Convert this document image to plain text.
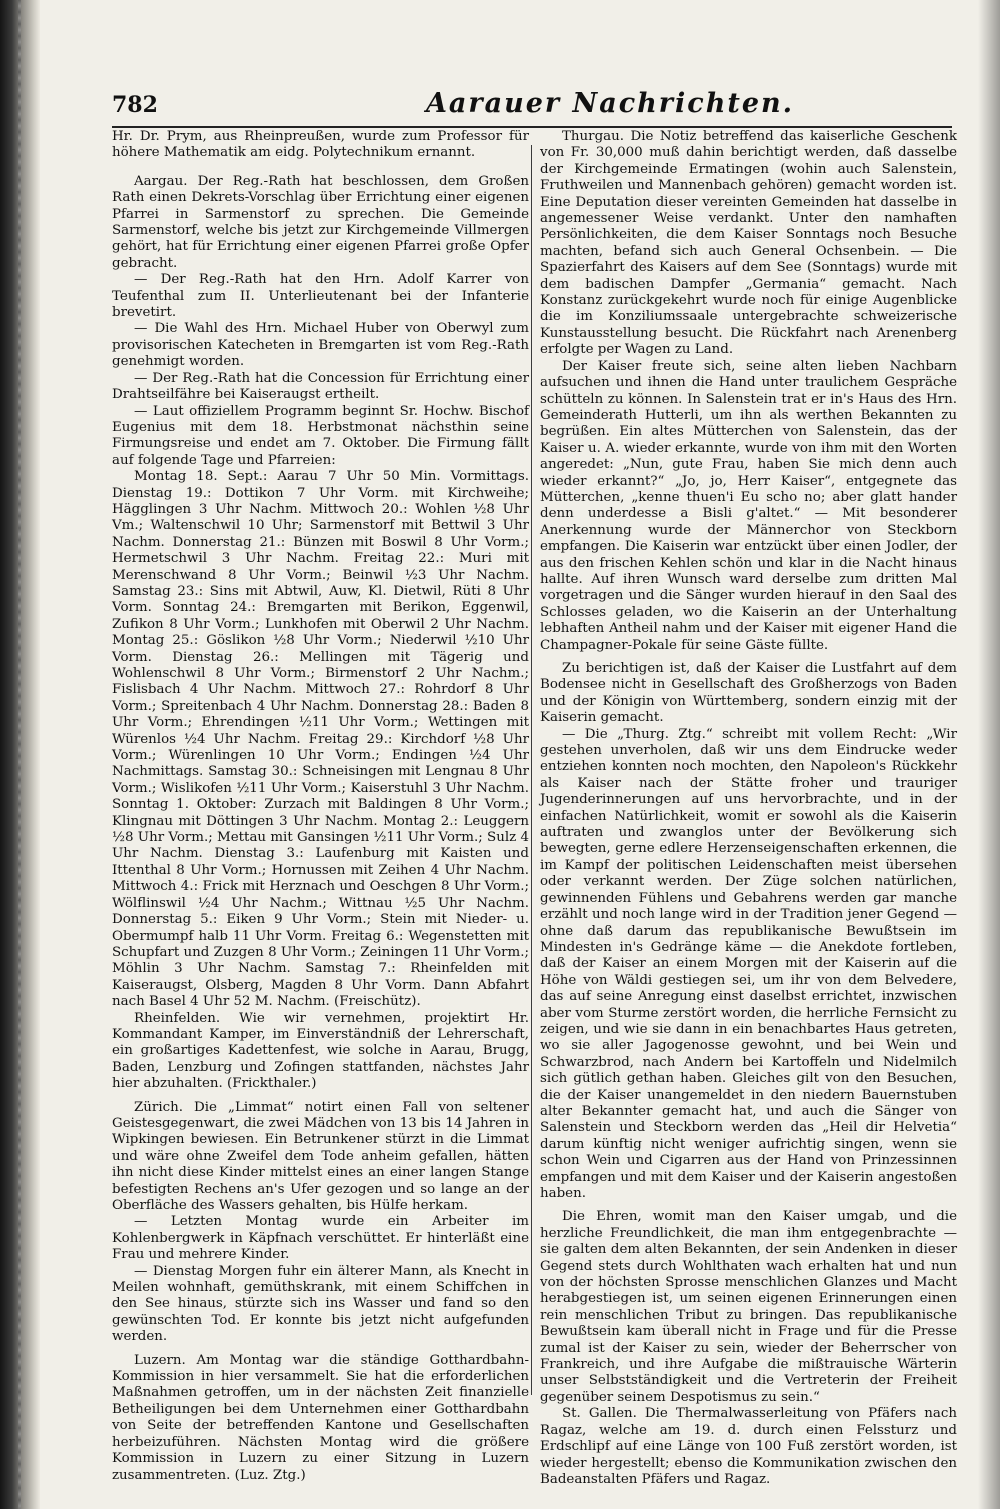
782	Aarauer Nachrichten.

Hr. Dr. Prym, aus Rheinpreußen, wurde zum Professor für höhere Mathematik am eidg. Polytechnikum ernannt.

Aargau. Der Reg.-Rath hat beschlossen, dem Großen Rath einen Dekrets-Vorschlag über Errichtung einer eigenen Pfarrei in Sarmenstorf zu sprechen. Die Gemeinde Sarmenstorf, welche bis jetzt zur Kirchgemeinde Villmergen gehört, hat für Errichtung einer eigenen Pfarrei große Opfer gebracht.

— Der Reg.-Rath hat den Hrn. Adolf Karrer von Teufenthal zum II. Unterlieutenant bei der Infanterie brevetirt.

— Die Wahl des Hrn. Michael Huber von Oberwyl zum provisorischen Katecheten in Bremgarten ist vom Reg.-Rath genehmigt worden.

— Der Reg.-Rath hat die Concession für Errichtung einer Drahtseilfähre bei Kaiseraugst ertheilt.

— Laut offiziellem Programm beginnt Sr. Hochw. Bischof Eugenius mit dem 18. Herbstmonat nächsthin seine Firmungsreise und endet am 7. Oktober. Die Firmung fällt auf folgende Tage und Pfarreien:

Montag 18. Sept.: Aarau 7 Uhr 50 Min. Vormittags. Dienstag 19.: Dottikon 7 Uhr Vorm. mit Kirchweihe; Hägglingen 3 Uhr Nachm. Mittwoch 20.: Wohlen ½8 Uhr Vm.; Waltenschwil 10 Uhr; Sarmenstorf mit Bettwil 3 Uhr Nachm. Donnerstag 21.: Bünzen mit Boswil 8 Uhr Vorm.; Hermetschwil 3 Uhr Nachm. Freitag 22.: Muri mit Merenschwand 8 Uhr Vorm.; Beinwil ½3 Uhr Nachm. Samstag 23.: Sins mit Abtwil, Auw, Kl. Dietwil, Rüti 8 Uhr Vorm. Sonntag 24.: Bremgarten mit Berikon, Eggenwil, Zufikon 8 Uhr Vorm.; Lunkhofen mit Oberwil 2 Uhr Nachm. Montag 25.: Göslikon ½8 Uhr Vorm.; Niederwil ½10 Uhr Vorm. Dienstag 26.: Mellingen mit Tägerig und Wohlenschwil 8 Uhr Vorm.; Birmenstorf 2 Uhr Nachm.; Fislisbach 4 Uhr Nachm. Mittwoch 27.: Rohrdorf 8 Uhr Vorm.; Spreitenbach 4 Uhr Nachm. Donnerstag 28.: Baden 8 Uhr Vorm.; Ehrendingen ½11 Uhr Vorm.; Wettingen mit Würenlos ½4 Uhr Nachm. Freitag 29.: Kirchdorf ½8 Uhr Vorm.; Würenlingen 10 Uhr Vorm.; Endingen ½4 Uhr Nachmittags. Samstag 30.: Schneisingen mit Lengnau 8 Uhr Vorm.; Wislikofen ½11 Uhr Vorm.; Kaiserstuhl 3 Uhr Nachm. Sonntag 1. Oktober: Zurzach mit Baldingen 8 Uhr Vorm.; Klingnau mit Döttingen 3 Uhr Nachm. Montag 2.: Leuggern ½8 Uhr Vorm.; Mettau mit Gansingen ½11 Uhr Vorm.; Sulz 4 Uhr Nachm. Dienstag 3.: Laufenburg mit Kaisten und Ittenthal 8 Uhr Vorm.; Hornussen mit Zeihen 4 Uhr Nachm. Mittwoch 4.: Frick mit Herznach und Oeschgen 8 Uhr Vorm.; Wölflinswil ½4 Uhr Nachm.; Wittnau ½5 Uhr Nachm. Donnerstag 5.: Eiken 9 Uhr Vorm.; Stein mit Nieder- u. Obermumpf halb 11 Uhr Vorm. Freitag 6.: Wegenstetten mit Schupfart und Zuzgen 8 Uhr Vorm.; Zeiningen 11 Uhr Vorm.; Möhlin 3 Uhr Nachm. Samstag 7.: Rheinfelden mit Kaiseraugst, Olsberg, Magden 8 Uhr Vorm. Dann Abfahrt nach Basel 4 Uhr 52 M. Nachm. (Freischütz).

Rheinfelden. Wie wir vernehmen, projektirt Hr. Kommandant Kamper, im Einverständniß der Lehrerschaft, ein großartiges Kadettenfest, wie solche in Aarau, Brugg, Baden, Lenzburg und Zofingen stattfanden, nächstes Jahr hier abzuhalten. (Frickthaler.)

Zürich. Die „Limmat“ notirt einen Fall von seltener Geistesgegenwart, die zwei Mädchen von 13 bis 14 Jahren in Wipkingen bewiesen. Ein Betrunkener stürzt in die Limmat und wäre ohne Zweifel dem Tode anheim gefallen, hätten ihn nicht diese Kinder mittelst eines an einer langen Stange befestigten Rechens an's Ufer gezogen und so lange an der Oberfläche des Wassers gehalten, bis Hülfe herkam.

— Letzten Montag wurde ein Arbeiter im Kohlenbergwerk in Käpfnach verschüttet. Er hinterläßt eine Frau und mehrere Kinder.

— Dienstag Morgen fuhr ein älterer Mann, als Knecht in Meilen wohnhaft, gemüthskrank, mit einem Schiffchen in den See hinaus, stürzte sich ins Wasser und fand so den gewünschten Tod. Er konnte bis jetzt nicht aufgefunden werden.

Luzern. Am Montag war die ständige Gotthardbahn-Kommission in hier versammelt. Sie hat die erforderlichen Maßnahmen getroffen, um in der nächsten Zeit finanzielle Betheiligungen bei dem Unternehmen einer Gotthardbahn von Seite der betreffenden Kantone und Gesellschaften herbeizuführen. Nächsten Montag wird die größere Kommission in Luzern zu einer Sitzung in Luzern zusammentreten. (Luz. Ztg.)

Thurgau. Die Notiz betreffend das kaiserliche Geschenk von Fr. 30,000 muß dahin berichtigt werden, daß dasselbe der Kirchgemeinde Ermatingen (wohin auch Salenstein, Fruthweilen und Mannenbach gehören) gemacht worden ist. Eine Deputation dieser vereinten Gemeinden hat dasselbe in angemessener Weise verdankt. Unter den namhaften Persönlichkeiten, die dem Kaiser Sonntags noch Besuche machten, befand sich auch General Ochsenbein. — Die Spazierfahrt des Kaisers auf dem See (Sonntags) wurde mit dem badischen Dampfer „Germania“ gemacht. Nach Konstanz zurückgekehrt wurde noch für einige Augenblicke die im Konziliumssaale untergebrachte schweizerische Kunstausstellung besucht. Die Rückfahrt nach Arenenberg erfolgte per Wagen zu Land.

Der Kaiser freute sich, seine alten lieben Nachbarn aufsuchen und ihnen die Hand unter traulichem Gespräche schütteln zu können. In Salenstein trat er in's Haus des Hrn. Gemeinderath Hutterli, um ihn als werthen Bekannten zu begrüßen. Ein altes Mütterchen von Salenstein, das der Kaiser u. A. wieder erkannte, wurde von ihm mit den Worten angeredet: „Nun, gute Frau, haben Sie mich denn auch wieder erkannt?“ „Jo, jo, Herr Kaiser“, entgegnete das Mütterchen, „kenne thuen'i Eu scho no; aber glatt hander denn underdesse a Bisli g'altet.“ — Mit besonderer Anerkennung wurde der Männerchor von Steckborn empfangen. Die Kaiserin war entzückt über einen Jodler, der aus den frischen Kehlen schön und klar in die Nacht hinaus hallte. Auf ihren Wunsch ward derselbe zum dritten Mal vorgetragen und die Sänger wurden hierauf in den Saal des Schlosses geladen, wo die Kaiserin an der Unterhaltung lebhaften Antheil nahm und der Kaiser mit eigener Hand die Champagner-Pokale für seine Gäste füllte.

Zu berichtigen ist, daß der Kaiser die Lustfahrt auf dem Bodensee nicht in Gesellschaft des Großherzogs von Baden und der Königin von Württemberg, sondern einzig mit der Kaiserin gemacht.

— Die „Thurg. Ztg.“ schreibt mit vollem Recht: „Wir gestehen unverholen, daß wir uns dem Eindrucke weder entziehen konnten noch mochten, den Napoleon's Rückkehr als Kaiser nach der Stätte froher und trauriger Jugenderinnerungen auf uns hervorbrachte, und in der einfachen Natürlichkeit, womit er sowohl als die Kaiserin auftraten und zwanglos unter der Bevölkerung sich bewegten, gerne edlere Herzenseigenschaften erkennen, die im Kampf der politischen Leidenschaften meist übersehen oder verkannt werden. Der Züge solchen natürlichen, gewinnenden Fühlens und Gebahrens werden gar manche erzählt und noch lange wird in der Tradition jener Gegend — ohne daß darum das republikanische Bewußtsein im Mindesten in's Gedränge käme — die Anekdote fortleben, daß der Kaiser an einem Morgen mit der Kaiserin auf die Höhe von Wäldi gestiegen sei, um ihr von dem Belvedere, das auf seine Anregung einst daselbst errichtet, inzwischen aber vom Sturme zerstört worden, die herrliche Fernsicht zu zeigen, und wie sie dann in ein benachbartes Haus getreten, wo sie aller Jagogenosse gewohnt, und bei Wein und Schwarzbrod, nach Andern bei Kartoffeln und Nidelmilch sich gütlich gethan haben. Gleiches gilt von den Besuchen, die der Kaiser unangemeldet in den niedern Bauernstuben alter Bekannter gemacht hat, und auch die Sänger von Salenstein und Steckborn werden das „Heil dir Helvetia“ darum künftig nicht weniger aufrichtig singen, wenn sie schon Wein und Cigarren aus der Hand von Prinzessinnen empfangen und mit dem Kaiser und der Kaiserin angestoßen haben.

Die Ehren, womit man den Kaiser umgab, und die herzliche Freundlichkeit, die man ihm entgegenbrachte — sie galten dem alten Bekannten, der sein Andenken in dieser Gegend stets durch Wohlthaten wach erhalten hat und nun von der höchsten Sprosse menschlichen Glanzes und Macht herabgestiegen ist, um seinen eigenen Erinnerungen einen rein menschlichen Tribut zu bringen. Das republikanische Bewußtsein kam überall nicht in Frage und für die Presse zumal ist der Kaiser zu sein, wieder der Beherrscher von Frankreich, und ihre Aufgabe die mißtrauische Wärterin unser Selbstständigkeit und die Vertreterin der Freiheit gegenüber seinem Despotismus zu sein.“

St. Gallen. Die Thermalwasserleitung von Pfäfers nach Ragaz, welche am 19. d. durch einen Felssturz und Erdschlipf auf eine Länge von 100 Fuß zerstört worden, ist wieder hergestellt; ebenso die Kommunikation zwischen den Badeanstalten Pfäfers und Ragaz.
